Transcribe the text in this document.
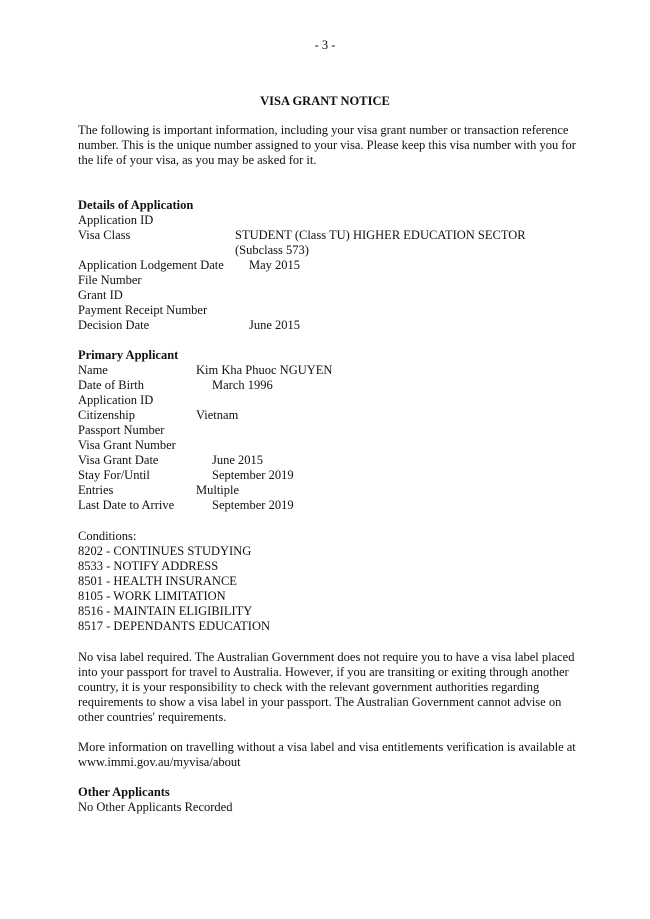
- 3 -
VISA GRANT NOTICE
The following is important information, including your visa grant number or transaction reference number. This is the unique number assigned to your visa. Please keep this visa number with you for the life of your visa, as you may be asked for it.
Details of Application
Application ID
Visa Class	STUDENT (Class TU) HIGHER EDUCATION SECTOR (Subclass 573)
Application Lodgement Date May 2015
File Number
Grant ID
Payment Receipt Number
Decision Date	June 2015
Primary Applicant
Name	Kim Kha Phuoc NGUYEN
Date of Birth	March 1996
Application ID
Citizenship	Vietnam
Passport Number
Visa Grant Number
Visa Grant Date	June 2015
Stay For/Until	September 2019
Entries	Multiple
Last Date to Arrive	September 2019
Conditions:
8202 - CONTINUES STUDYING
8533 - NOTIFY ADDRESS
8501 - HEALTH INSURANCE
8105 - WORK LIMITATION
8516 - MAINTAIN ELIGIBILITY
8517 - DEPENDANTS EDUCATION
No visa label required. The Australian Government does not require you to have a visa label placed into your passport for travel to Australia. However, if you are transiting or exiting through another country, it is your responsibility to check with the relevant government authorities regarding requirements to show a visa label in your passport. The Australian Government cannot advise on other countries' requirements.
More information on travelling without a visa label and visa entitlements verification is available at www.immi.gov.au/myvisa/about
Other Applicants
No Other Applicants Recorded
